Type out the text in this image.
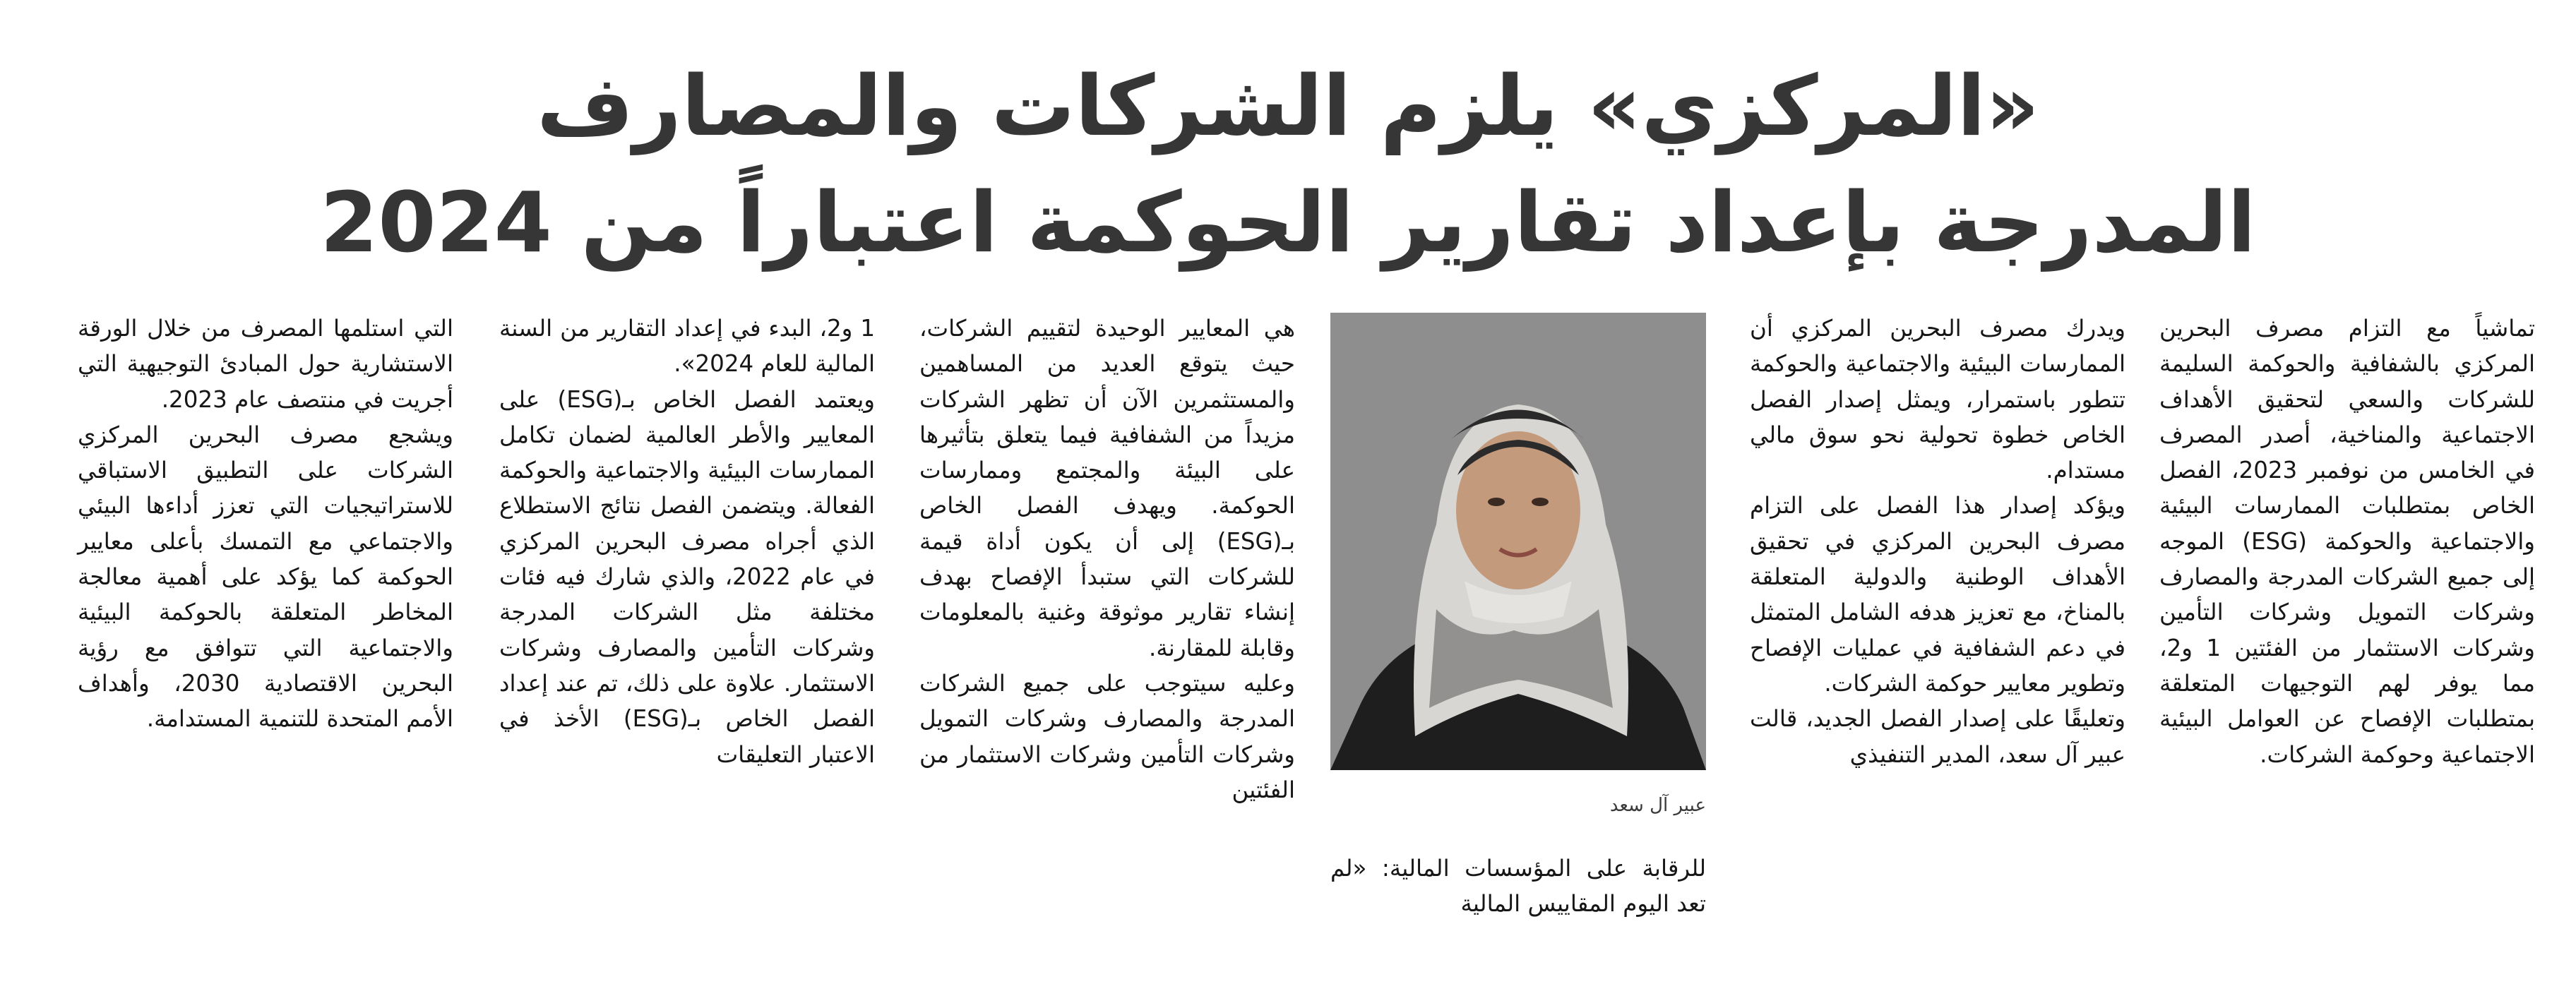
«المركزي» يلزم الشركات والمصارف
المدرجة بإعداد تقارير الحوكمة اعتباراً من 2024

تماشياً مع التزام مصرف البحرين المركزي بالشفافية والحوكمة السليمة للشركات والسعي لتحقيق الأهداف الاجتماعية والمناخية، أصدر المصرف في الخامس من نوفمبر 2023، الفصل الخاص بمتطلبات الممارسات البيئية والاجتماعية والحوكمة (ESG) الموجه إلى جميع الشركات المدرجة والمصارف وشركات التمويل وشركات التأمين وشركات الاستثمار من الفئتين 1 و2، مما يوفر لهم التوجيهات المتعلقة بمتطلبات الإفصاح عن العوامل البيئية الاجتماعية وحوكمة الشركات.

ويدرك مصرف البحرين المركزي أن الممارسات البيئية والاجتماعية والحوكمة تتطور باستمرار، ويمثل إصدار الفصل الخاص خطوة تحولية نحو سوق مالي مستدام.

ويؤكد إصدار هذا الفصل على التزام مصرف البحرين المركزي في تحقيق الأهداف الوطنية والدولية المتعلقة بالمناخ، مع تعزيز هدفه الشامل المتمثل في دعم الشفافية في عمليات الإفصاح وتطوير معايير حوكمة الشركات.

وتعليقًا على إصدار الفصل الجديد، قالت عبير آل سعد، المدير التنفيذي

عبير آل سعد

للرقابة على المؤسسات المالية: «لم تعد اليوم المقاييس المالية

هي المعايير الوحيدة لتقييم الشركات، حيث يتوقع العديد من المساهمين والمستثمرين الآن أن تظهر الشركات مزيداً من الشفافية فيما يتعلق بتأثيرها على البيئة والمجتمع وممارسات الحوكمة. ويهدف الفصل الخاص بـ(ESG) إلى أن يكون أداة قيمة للشركات التي ستبدأ الإفصاح بهدف إنشاء تقارير موثوقة وغنية بالمعلومات وقابلة للمقارنة.

وعليه سيتوجب على جميع الشركات المدرجة والمصارف وشركات التمويل وشركات التأمين وشركات الاستثمار من الفئتين

1 و2، البدء في إعداد التقارير من السنة المالية للعام 2024».

ويعتمد الفصل الخاص بـ(ESG) على المعايير والأطر العالمية لضمان تكامل الممارسات البيئية والاجتماعية والحوكمة الفعالة. ويتضمن الفصل نتائج الاستطلاع الذي أجراه مصرف البحرين المركزي في عام 2022، والذي شارك فيه فئات مختلفة مثل الشركات المدرجة وشركات التأمين والمصارف وشركات الاستثمار. علاوة على ذلك، تم عند إعداد الفصل الخاص بـ(ESG) الأخذ في الاعتبار التعليقات

التي استلمها المصرف من خلال الورقة الاستشارية حول المبادئ التوجيهية التي أجريت في منتصف عام 2023.

ويشجع مصرف البحرين المركزي الشركات على التطبيق الاستباقي للاستراتيجيات التي تعزز أداءها البيئي والاجتماعي مع التمسك بأعلى معايير الحوكمة كما يؤكد على أهمية معالجة المخاطر المتعلقة بالحوكمة البيئية والاجتماعية التي تتوافق مع رؤية البحرين الاقتصادية 2030، وأهداف الأمم المتحدة للتنمية المستدامة.
